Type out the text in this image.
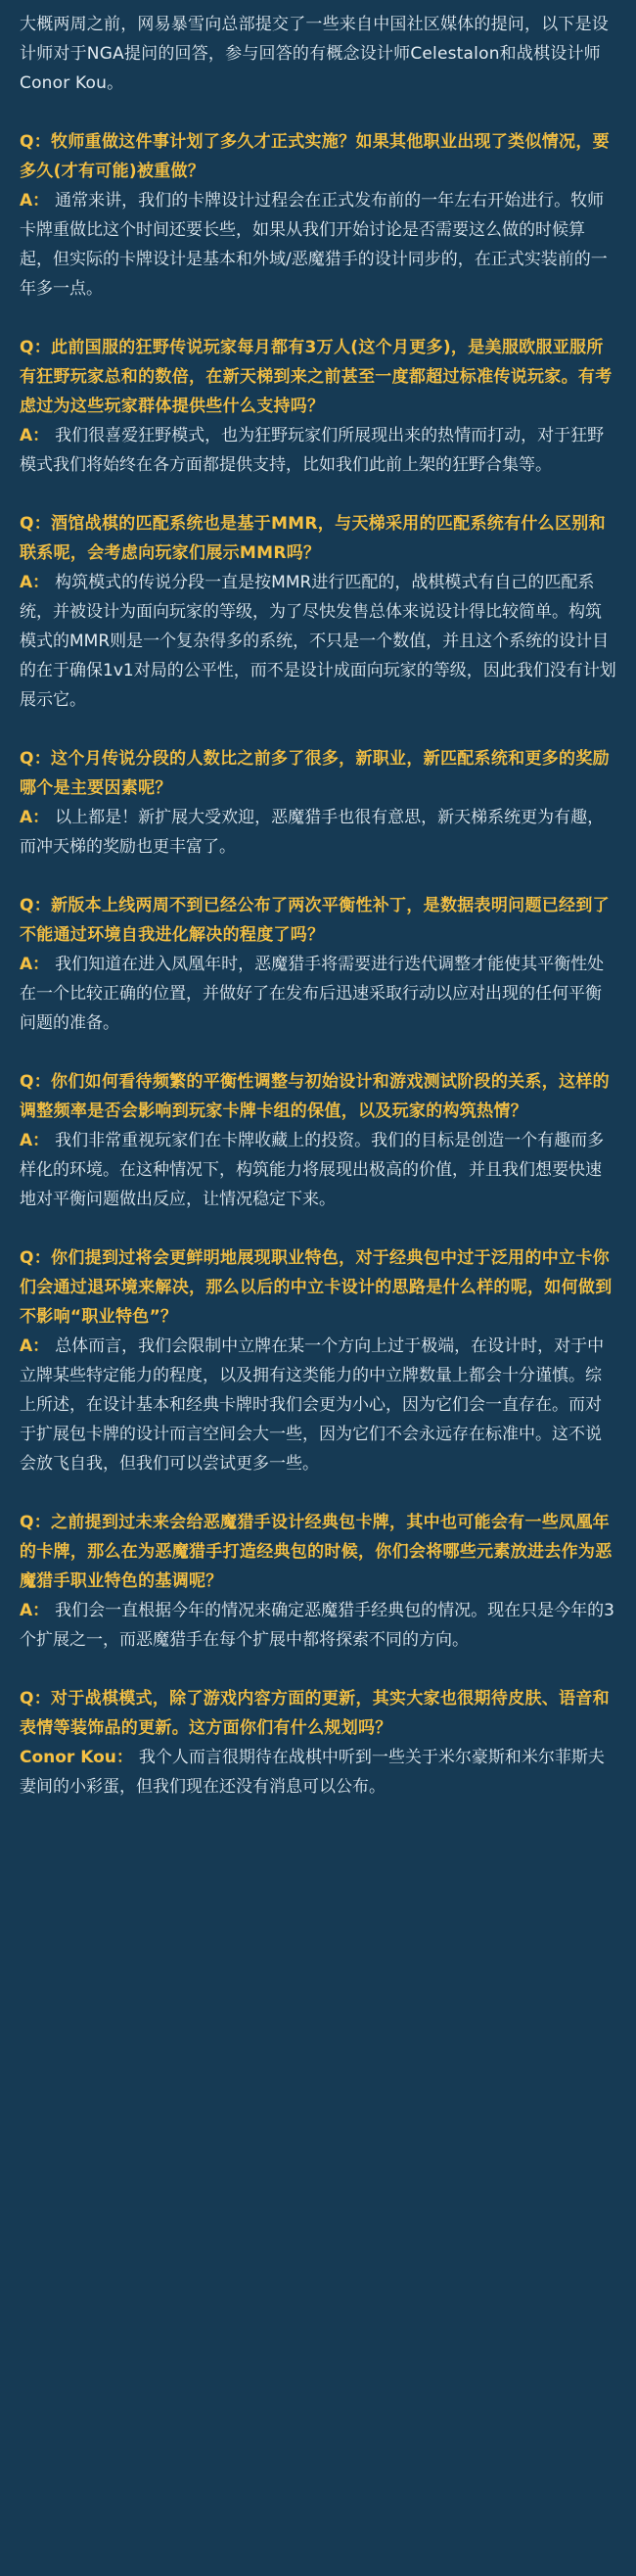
大概两周之前，网易暴雪向总部提交了一些来自中国社区媒体的提问，以下是设计师对于NGA提问的回答，参与回答的有概念设计师Celestalon和战棋设计师Conor Kou。

Q：牧师重做这件事计划了多久才正式实施？如果其他职业出现了类似情况，要多久(才有可能)被重做？

A： 通常来讲，我们的卡牌设计过程会在正式发布前的一年左右开始进行。牧师卡牌重做比这个时间还要长些，如果从我们开始讨论是否需要这么做的时候算起，但实际的卡牌设计是基本和外域/恶魔猎手的设计同步的，在正式实装前的一年多一点。

Q：此前国服的狂野传说玩家每月都有3万人(这个月更多)，是美服欧服亚服所有狂野玩家总和的数倍，在新天梯到来之前甚至一度都超过标准传说玩家。有考虑过为这些玩家群体提供些什么支持吗？

A： 我们很喜爱狂野模式，也为狂野玩家们所展现出来的热情而打动，对于狂野模式我们将始终在各方面都提供支持，比如我们此前上架的狂野合集等。

Q：酒馆战棋的匹配系统也是基于MMR，与天梯采用的匹配系统有什么区别和联系呢，会考虑向玩家们展示MMR吗？

A： 构筑模式的传说分段一直是按MMR进行匹配的，战棋模式有自己的匹配系统，并被设计为面向玩家的等级，为了尽快发售总体来说设计得比较简单。构筑模式的MMR则是一个复杂得多的系统，不只是一个数值，并且这个系统的设计目的在于确保1v1对局的公平性，而不是设计成面向玩家的等级，因此我们没有计划展示它。

Q：这个月传说分段的人数比之前多了很多，新职业，新匹配系统和更多的奖励哪个是主要因素呢？

A： 以上都是！新扩展大受欢迎，恶魔猎手也很有意思，新天梯系统更为有趣，而冲天梯的奖励也更丰富了。

Q：新版本上线两周不到已经公布了两次平衡性补丁，是数据表明问题已经到了不能通过环境自我进化解决的程度了吗？

A： 我们知道在进入凤凰年时，恶魔猎手将需要进行迭代调整才能使其平衡性处在一个比较正确的位置，并做好了在发布后迅速采取行动以应对出现的任何平衡问题的准备。

Q：你们如何看待频繁的平衡性调整与初始设计和游戏测试阶段的关系，这样的调整频率是否会影响到玩家卡牌卡组的保值，以及玩家的构筑热情？

A： 我们非常重视玩家们在卡牌收藏上的投资。我们的目标是创造一个有趣而多样化的环境。在这种情况下，构筑能力将展现出极高的价值，并且我们想要快速地对平衡问题做出反应，让情况稳定下来。

Q：你们提到过将会更鲜明地展现职业特色，对于经典包中过于泛用的中立卡你们会通过退环境来解决，那么以后的中立卡设计的思路是什么样的呢，如何做到不影响“职业特色”？

A： 总体而言，我们会限制中立牌在某一个方向上过于极端，在设计时，对于中立牌某些特定能力的程度，以及拥有这类能力的中立牌数量上都会十分谨慎。综上所述，在设计基本和经典卡牌时我们会更为小心，因为它们会一直存在。而对于扩展包卡牌的设计而言空间会大一些，因为它们不会永远存在标准中。这不说会放飞自我，但我们可以尝试更多一些。

Q：之前提到过未来会给恶魔猎手设计经典包卡牌，其中也可能会有一些凤凰年的卡牌，那么在为恶魔猎手打造经典包的时候，你们会将哪些元素放进去作为恶魔猎手职业特色的基调呢？

A： 我们会一直根据今年的情况来确定恶魔猎手经典包的情况。现在只是今年的3个扩展之一，而恶魔猎手在每个扩展中都将探索不同的方向。

Q：对于战棋模式，除了游戏内容方面的更新，其实大家也很期待皮肤、语音和表情等装饰品的更新。这方面你们有什么规划吗？

Conor Kou： 我个人而言很期待在战棋中听到一些关于米尔豪斯和米尔菲斯夫妻间的小彩蛋，但我们现在还没有消息可以公布。
